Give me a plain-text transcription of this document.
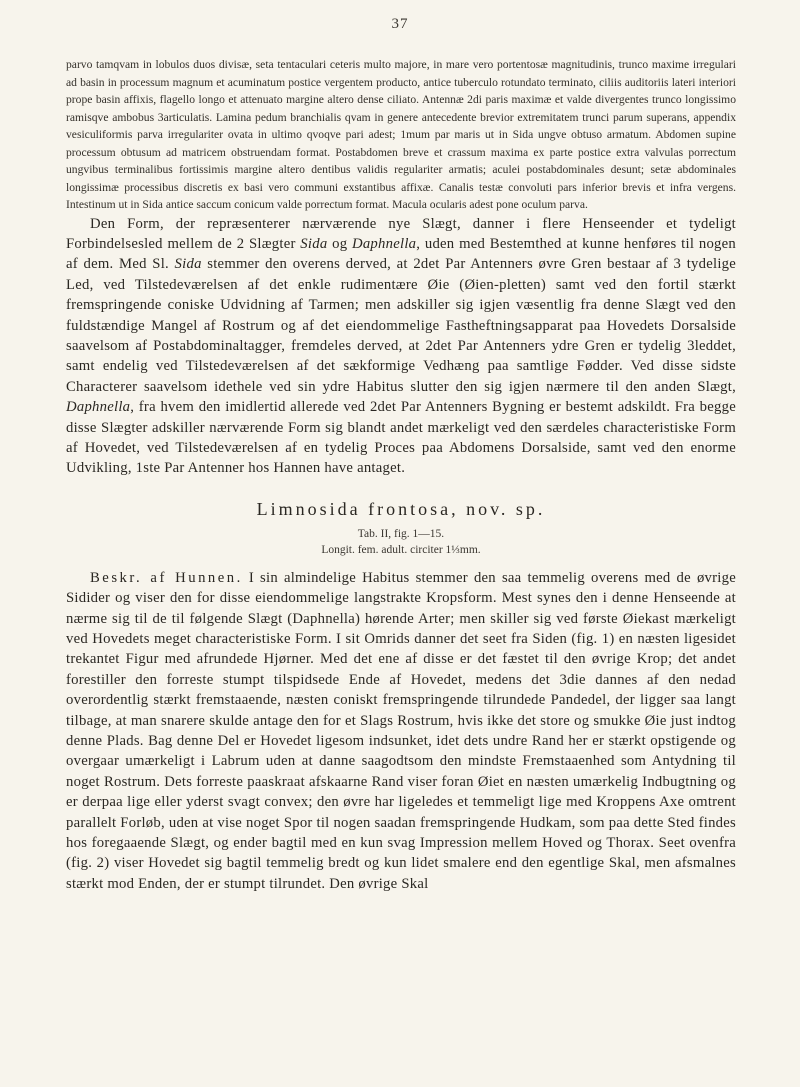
37

parvo tamqvam in lobulos duos divisæ, seta tentaculari ceteris multo majore, in mare vero portentosæ magnitudinis, trunco maxime irregulari ad basin in processum magnum et acuminatum postice vergentem producto, antice tuberculo rotundato terminato, ciliis auditoriis lateri interiori prope basin affixis, flagello longo et attenuato margine altero dense ciliato. Antennæ 2di paris maximæ et valde divergentes trunco longissimo ramisqve ambobus 3articulatis. Lamina pedum branchialis qvam in genere antecedente brevior extremitatem trunci parum superans, appendix vesiculiformis parva irregulariter ovata in ultimo qvoqve pari adest; 1mum par maris ut in Sida ungve obtuso armatum. Abdomen supine processum obtusum ad matricem obstruendam format. Postabdomen breve et crassum maxima ex parte postice extra valvulas porrectum ungvibus terminalibus fortissimis margine altero dentibus validis regulariter armatis; aculei postabdominales desunt; setæ abdominales longissimæ processibus discretis ex basi vero communi exstantibus affixæ. Canalis testæ convoluti pars inferior brevis et infra vergens. Intestinum ut in Sida antice saccum conicum valde porrectum format. Macula ocularis adest pone oculum parva.

Den Form, der repræsenterer nærværende nye Slægt, danner i flere Henseender et tydeligt Forbindelsesled mellem de 2 Slægter Sida og Daphnella, uden med Bestemthed at kunne henføres til nogen af dem. Med Sl. Sida stemmer den overens derved, at 2det Par Antenners øvre Gren bestaar af 3 tydelige Led, ved Tilstedeværelsen af det enkle rudimentære Øie (Øien-pletten) samt ved den fortil stærkt fremspringende coniske Udvidning af Tarmen; men adskiller sig igjen væsentlig fra denne Slægt ved den fuldstændige Mangel af Rostrum og af det eiendommelige Fastheftningsapparat paa Hovedets Dorsalside saavelsom af Postabdominaltagger, fremdeles derved, at 2det Par Antenners ydre Gren er tydelig 3leddet, samt endelig ved Tilstedeværelsen af det sækformige Vedhæng paa samtlige Fødder. Ved disse sidste Characterer saavelsom idethele ved sin ydre Habitus slutter den sig igjen nærmere til den anden Slægt, Daphnella, fra hvem den imidlertid allerede ved 2det Par Antenners Bygning er bestemt adskildt. Fra begge disse Slægter adskiller nærværende Form sig blandt andet mærkeligt ved den særdeles characteristiske Form af Hovedet, ved Tilstedeværelsen af en tydelig Proces paa Abdomens Dorsalside, samt ved den enorme Udvikling, 1ste Par Antenner hos Hannen have antaget.

Limnosida frontosa, nov. sp.

Tab. II, fig. 1—15.

Longit. fem. adult. circiter 1⅓mm.

Beskr. af Hunnen. I sin almindelige Habitus stemmer den saa temmelig overens med de øvrige Sidider og viser den for disse eiendommelige langstrakte Kropsform. Mest synes den i denne Henseende at nærme sig til de til følgende Slægt (Daphnella) hørende Arter; men skiller sig ved første Øiekast mærkeligt ved Hovedets meget characteristiske Form. I sit Omrids danner det seet fra Siden (fig. 1) en næsten ligesidet trekantet Figur med afrundede Hjørner. Med det ene af disse er det fæstet til den øvrige Krop; det andet forestiller den forreste stumpt tilspidsede Ende af Hovedet, medens det 3die dannes af den nedad overordentlig stærkt fremstaaende, næsten coniskt fremspringende tilrundede Pandedel, der ligger saa langt tilbage, at man snarere skulde antage den for et Slags Rostrum, hvis ikke det store og smukke Øie just indtog denne Plads. Bag denne Del er Hovedet ligesom indsunket, idet dets undre Rand her er stærkt opstigende og overgaar umærkeligt i Labrum uden at danne saagodtsom den mindste Fremstaaenhed som Antydning til noget Rostrum. Dets forreste paaskraat afskaarne Rand viser foran Øiet en næsten umærkelig Indbugtning og er derpaa lige eller yderst svagt convex; den øvre har ligeledes et temmeligt lige med Kroppens Axe omtrent parallelt Forløb, uden at vise noget Spor til nogen saadan fremspringende Hudkam, som paa dette Sted findes hos foregaaende Slægt, og ender bagtil med en kun svag Impression mellem Hoved og Thorax. Seet ovenfra (fig. 2) viser Hovedet sig bagtil temmelig bredt og kun lidet smalere end den egentlige Skal, men afsmalnes stærkt mod Enden, der er stumpt tilrundet. Den øvrige Skal
